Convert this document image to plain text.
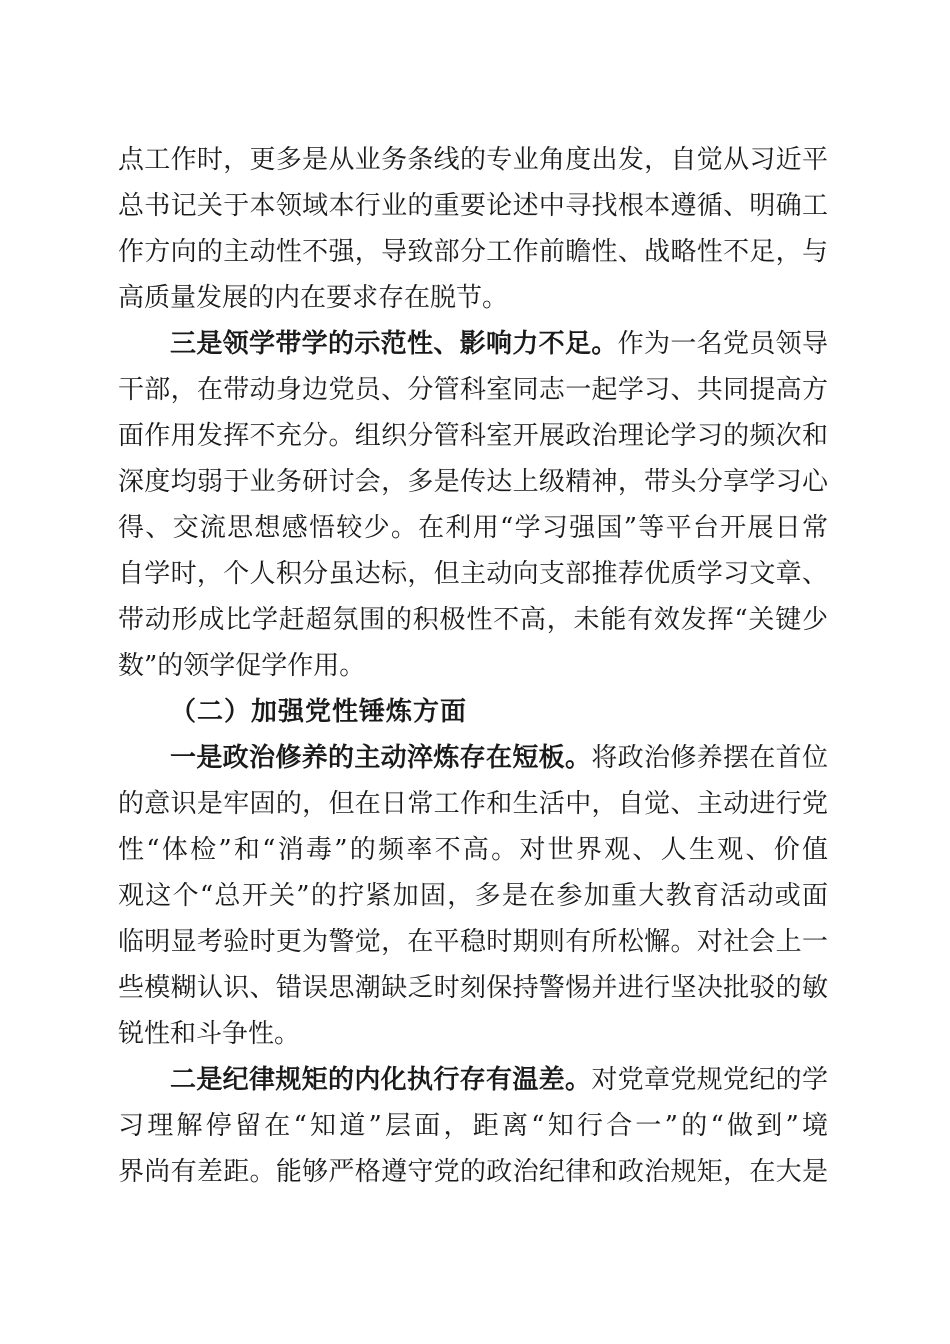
点工作时，更多是从业务条线的专业角度出发，自觉从习近平
总书记关于本领域本行业的重要论述中寻找根本遵循、明确工
作方向的主动性不强，导致部分工作前瞻性、战略性不足，与
高质量发展的内在要求存在脱节。
三是领学带学的示范性、影响力不足。作为一名党员领导
干部，在带动身边党员、分管科室同志一起学习、共同提高方
面作用发挥不充分。组织分管科室开展政治理论学习的频次和
深度均弱于业务研讨会，多是传达上级精神，带头分享学习心
得、交流思想感悟较少。在利用“学习强国”等平台开展日常
自学时，个人积分虽达标，但主动向支部推荐优质学习文章、
带动形成比学赶超氛围的积极性不高，未能有效发挥“关键少
数”的领学促学作用。
（二）加强党性锤炼方面
一是政治修养的主动淬炼存在短板。将政治修养摆在首位
的意识是牢固的，但在日常工作和生活中，自觉、主动进行党
性“体检”和“消毒”的频率不高。对世界观、人生观、价值
观这个“总开关”的拧紧加固，多是在参加重大教育活动或面
临明显考验时更为警觉，在平稳时期则有所松懈。对社会上一
些模糊认识、错误思潮缺乏时刻保持警惕并进行坚决批驳的敏
锐性和斗争性。
二是纪律规矩的内化执行存有温差。对党章党规党纪的学
习理解停留在“知道”层面，距离“知行合一”的“做到”境
界尚有差距。能够严格遵守党的政治纪律和政治规矩，在大是
